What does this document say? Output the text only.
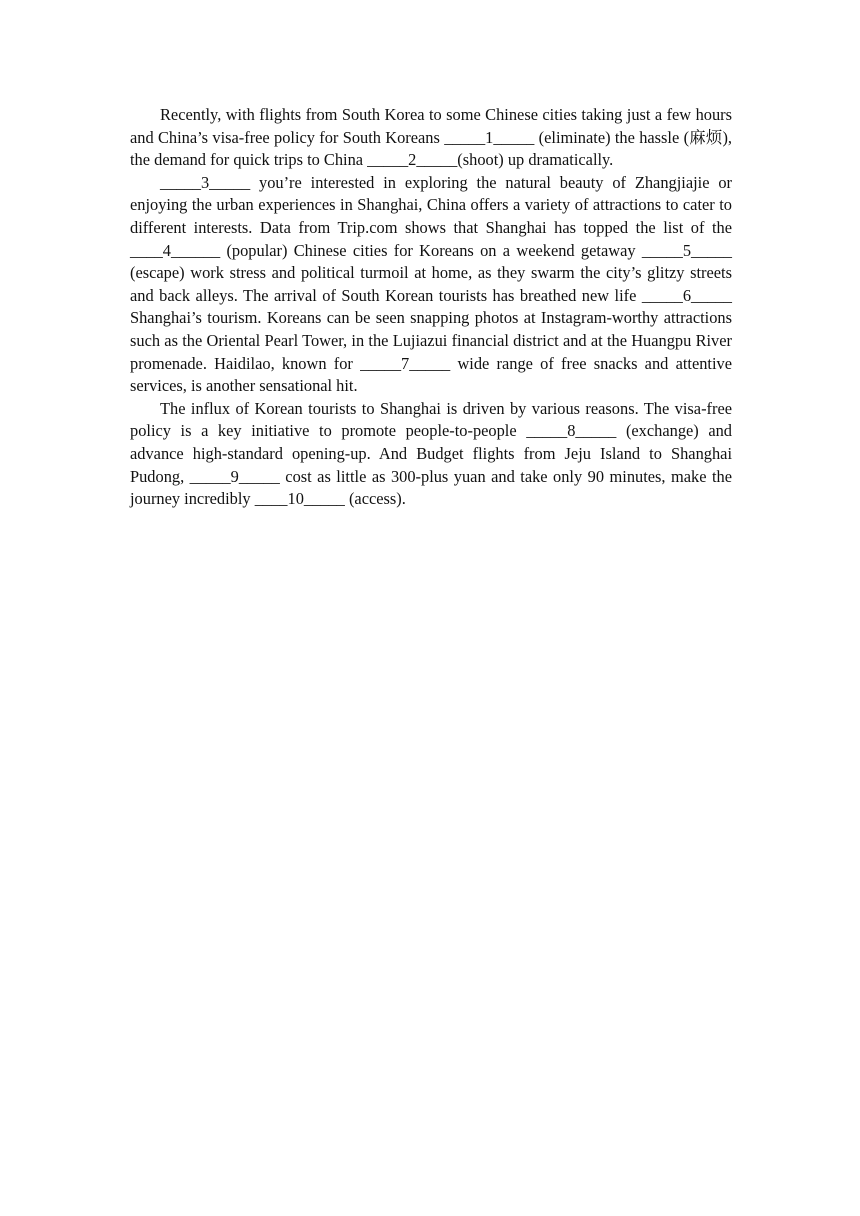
Recently, with flights from South Korea to some Chinese cities taking just a few hours and China’s visa-free policy for South Koreans _____1_____ (eliminate) the hassle (麻烦), the demand for quick trips to China _____2_____(shoot) up dramatically.

_____3_____ you’re interested in exploring the natural beauty of Zhangjiajie or enjoying the urban experiences in Shanghai, China offers a variety of attractions to cater to different interests. Data from Trip.com shows that Shanghai has topped the list of the ____4______ (popular) Chinese cities for Koreans on a weekend getaway _____5_____ (escape) work stress and political turmoil at home, as they swarm the city’s glitzy streets and back alleys. The arrival of South Korean tourists has breathed new life _____6_____ Shanghai’s tourism. Koreans can be seen snapping photos at Instagram-worthy attractions such as the Oriental Pearl Tower, in the Lujiazui financial district and at the Huangpu River promenade. Haidilao, known for _____7_____ wide range of free snacks and attentive services, is another sensational hit.

The influx of Korean tourists to Shanghai is driven by various reasons. The visa-free policy is a key initiative to promote people-to-people _____8_____ (exchange) and advance high-standard opening-up. And Budget flights from Jeju Island to Shanghai Pudong, _____9_____ cost as little as 300-plus yuan and take only 90 minutes, make the journey incredibly ____10_____ (access).
